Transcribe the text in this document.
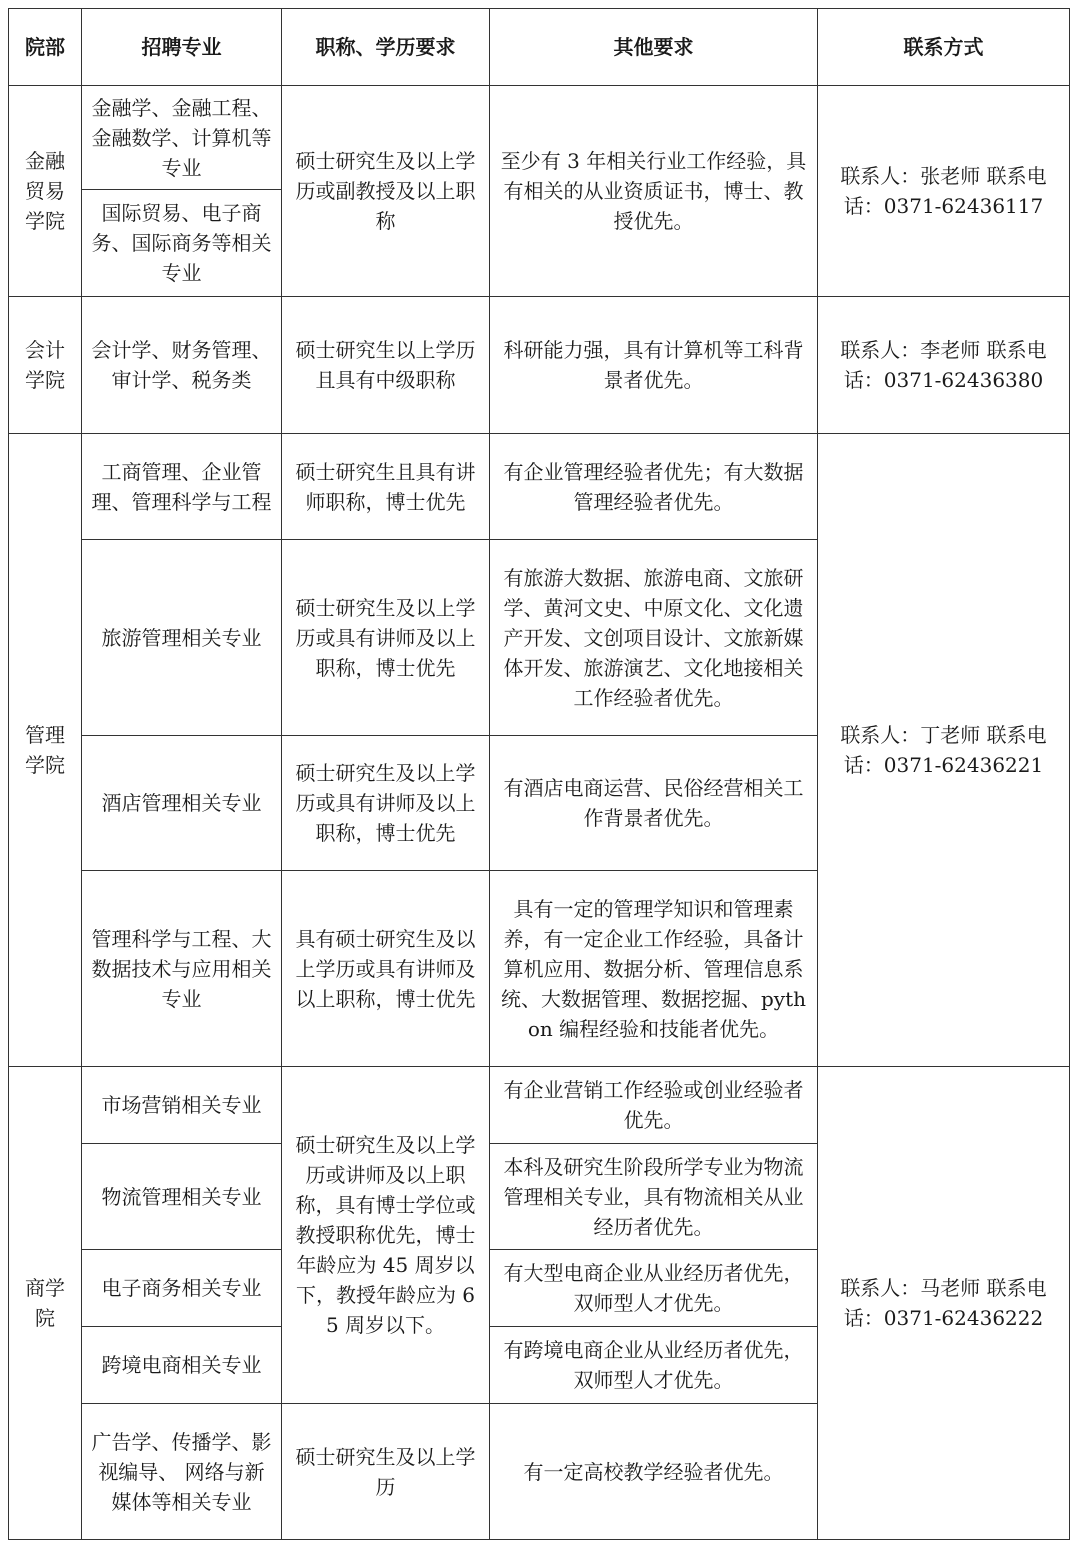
院部	招聘专业	职称、学历要求	其他要求	联系方式
金融贸易学院	金融学、金融工程、金融数学、计算机等专业	硕士研究生及以上学历或副教授及以上职称	至少有 3 年相关行业工作经验，具有相关的从业资质证书，博士、教授优先。	联系人：张老师 联系电话：0371-62436117
	国际贸易、电子商务、国际商务等相关专业			
会计学院	会计学、财务管理、审计学、税务类	硕士研究生以上学历且具有中级职称	科研能力强，具有计算机等工科背景者优先。	联系人：李老师 联系电话：0371-62436380
管理学院	工商管理、企业管理、管理科学与工程	硕士研究生且具有讲师职称，博士优先	有企业管理经验者优先；有大数据管理经验者优先。	联系人：丁老师 联系电话：0371-62436221
	旅游管理相关专业	硕士研究生及以上学历或具有讲师及以上职称，博士优先	有旅游大数据、旅游电商、文旅研学、黄河文史、中原文化、文化遗产开发、文创项目设计、文旅新媒体开发、旅游演艺、文化地接相关工作经验者优先。	
	酒店管理相关专业	硕士研究生及以上学历或具有讲师及以上职称，博士优先	有酒店电商运营、民俗经营相关工作背景者优先。	
	管理科学与工程、大数据技术与应用相关专业	具有硕士研究生及以上学历或具有讲师及以上职称，博士优先	具有一定的管理学知识和管理素养，有一定企业工作经验，具备计算机应用、数据分析、管理信息系统、大数据管理、数据挖掘、python 编程经验和技能者优先。	
商学院	市场营销相关专业	硕士研究生及以上学历或讲师及以上职称，具有博士学位或教授职称优先，博士年龄应为 45 周岁以下，教授年龄应为 65 周岁以下。	有企业营销工作经验或创业经验者优先。	联系人：马老师 联系电话：0371-62436222
	物流管理相关专业		本科及研究生阶段所学专业为物流管理相关专业，具有物流相关从业经历者优先。	
	电子商务相关专业		有大型电商企业从业经历者优先，双师型人才优先。	
	跨境电商相关专业		有跨境电商企业从业经历者优先，双师型人才优先。	
	广告学、传播学、影视编导、 网络与新媒体等相关专业	硕士研究生及以上学历	有一定高校教学经验者优先。	
